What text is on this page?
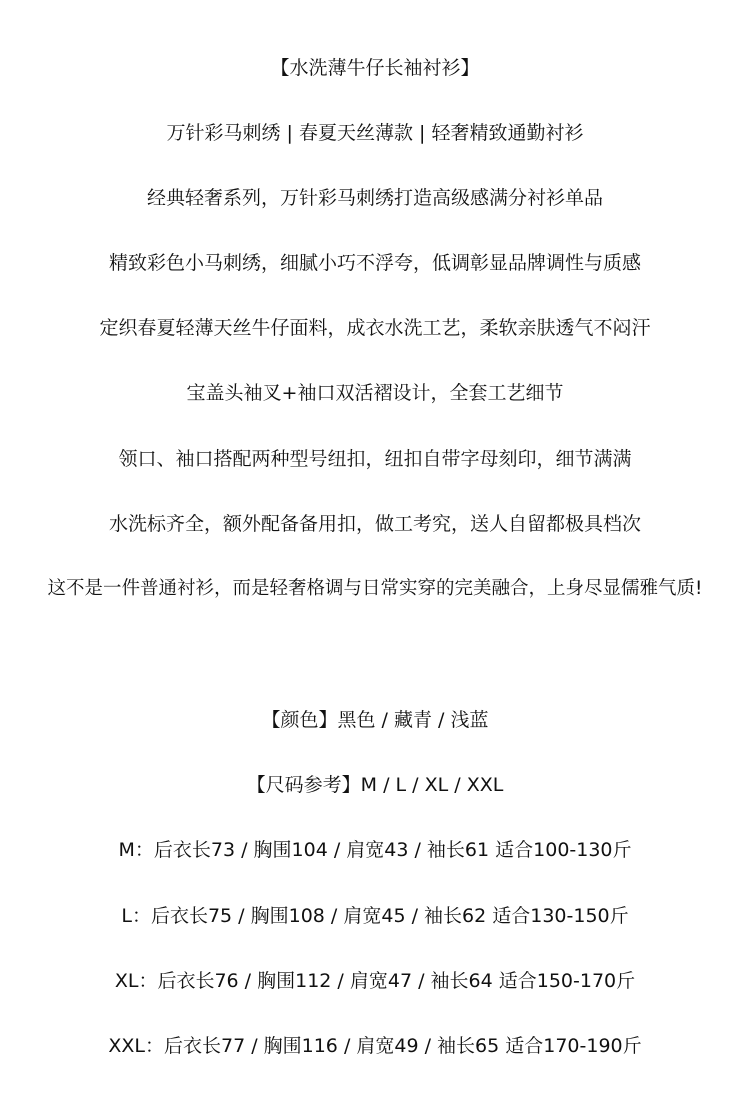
【水洗薄牛仔长袖衬衫】
万针彩马刺绣 | 春夏天丝薄款 | 轻奢精致通勤衬衫
经典轻奢系列，万针彩马刺绣打造高级感满分衬衫单品
精致彩色小马刺绣，细腻小巧不浮夸，低调彰显品牌调性与质感
定织春夏轻薄天丝牛仔面料，成衣水洗工艺，柔软亲肤透气不闷汗
宝盖头袖叉+袖口双活褶设计，全套工艺细节
领口、袖口搭配两种型号纽扣，纽扣自带字母刻印，细节满满
水洗标齐全，额外配备备用扣，做工考究，送人自留都极具档次
这不是一件普通衬衫，而是轻奢格调与日常实穿的完美融合，上身尽显儒雅气质!
【颜色】黑色 / 藏青 / 浅蓝
【尺码参考】M / L / XL / XXL
M：后衣长73 / 胸围104 / 肩宽43 / 袖长61 适合100-130斤
L：后衣长75 / 胸围108 / 肩宽45 / 袖长62 适合130-150斤
XL：后衣长76 / 胸围112 / 肩宽47 / 袖长64 适合150-170斤
XXL：后衣长77 / 胸围116 / 肩宽49 / 袖长65 适合170-190斤
